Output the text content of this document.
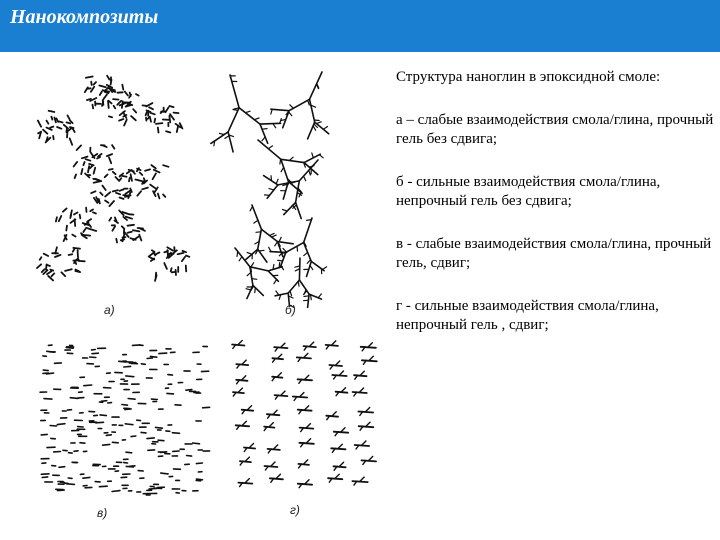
Нанокомпозиты
а)	б)
в)	г)

Структура наноглин в эпоксидной смоле:

а – слабые взаимодействия смола/глина, прочный гель без сдвига;

б - сильные взаимодействия смола/глина, непрочный гель без сдвига;

в - слабые взаимодействия смола/глина, прочный гель, сдвиг;

г - сильные взаимодействия смола/глина, непрочный гель , сдвиг;
